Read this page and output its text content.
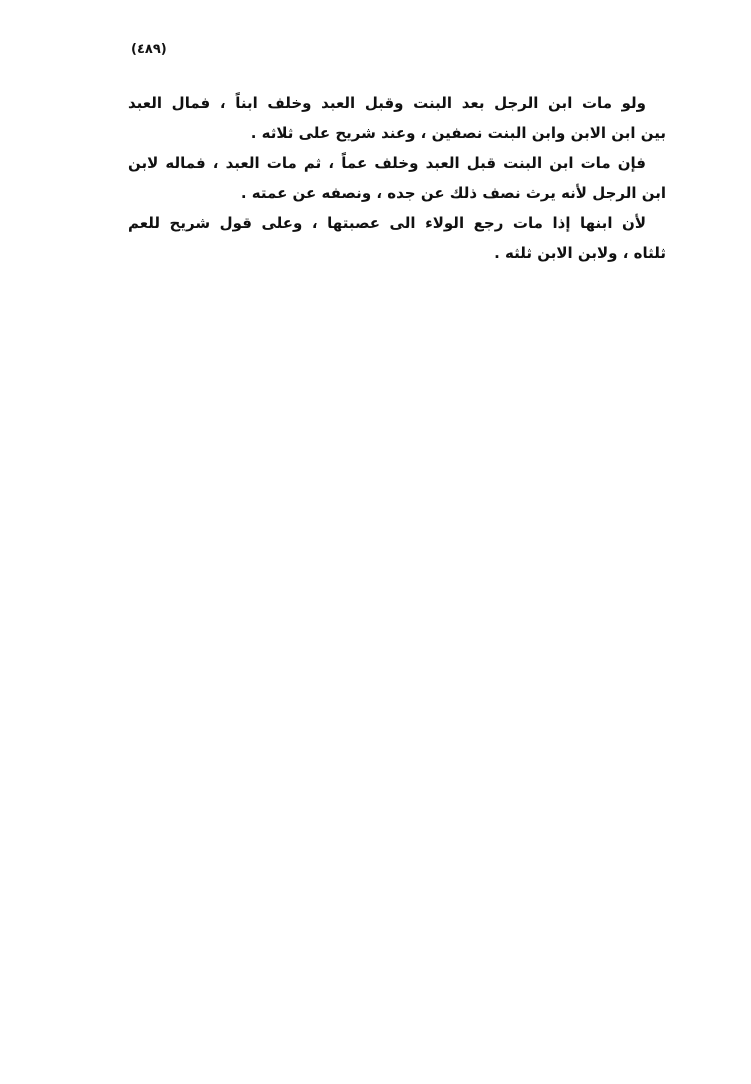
(٤٨٩)
ولو مات ابن الرجل بعد البنت وقبل العبد وخلف ابناً ، فمال العبد
بين ابن الابن وابن البنت نصفين ، وعند شريح على ثلاثه .
فإن مات ابن البنت قبل العبد وخلف عماً ، ثم مات العبد ، فماله لابن
ابن الرجل لأنه يرث نصف ذلك عن جده ، ونصفه عن عمته .
لأن ابنها إذا مات رجع الولاء الى عصبتها ، وعلى قول شريح للعم
ثلثاه ، ولابن الابن ثلثه .
